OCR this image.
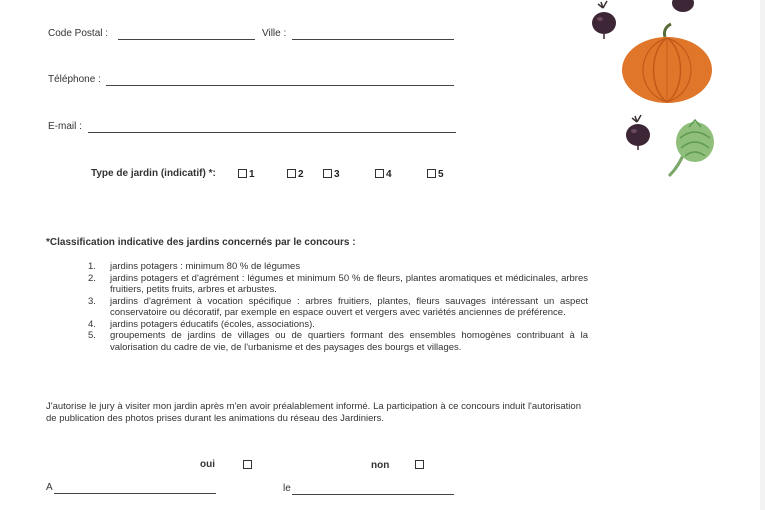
Code Postal :	Ville :
Téléphone :
E-mail :
Type de jardin (indicatif) *:	1	2	3	4	5
*Classification indicative des jardins concernés par le concours :
1. jardins potagers : minimum 80 % de légumes
2. jardins potagers et d'agrément : légumes et minimum 50 % de fleurs, plantes aromatiques et médicinales, arbres fruitiers, petits fruits, arbres et arbustes.
3. jardins d'agrément à vocation spécifique : arbres fruitiers, plantes, fleurs sauvages intéressant un aspect conservatoire ou décoratif, par exemple en espace ouvert et vergers avec variétés anciennes de préférence.
4. jardins potagers éducatifs (écoles, associations).
5. groupements de jardins de villages ou de quartiers formant des ensembles homogènes contribuant à la valorisation du cadre de vie, de l'urbanisme et des paysages des bourgs et villages.
J'autorise le jury à visiter mon jardin après m'en avoir préalablement informé. La participation à ce concours induit l'autorisation de publication des photos prises durant les animations du réseau des Jardiniers.
oui	non
A	le
